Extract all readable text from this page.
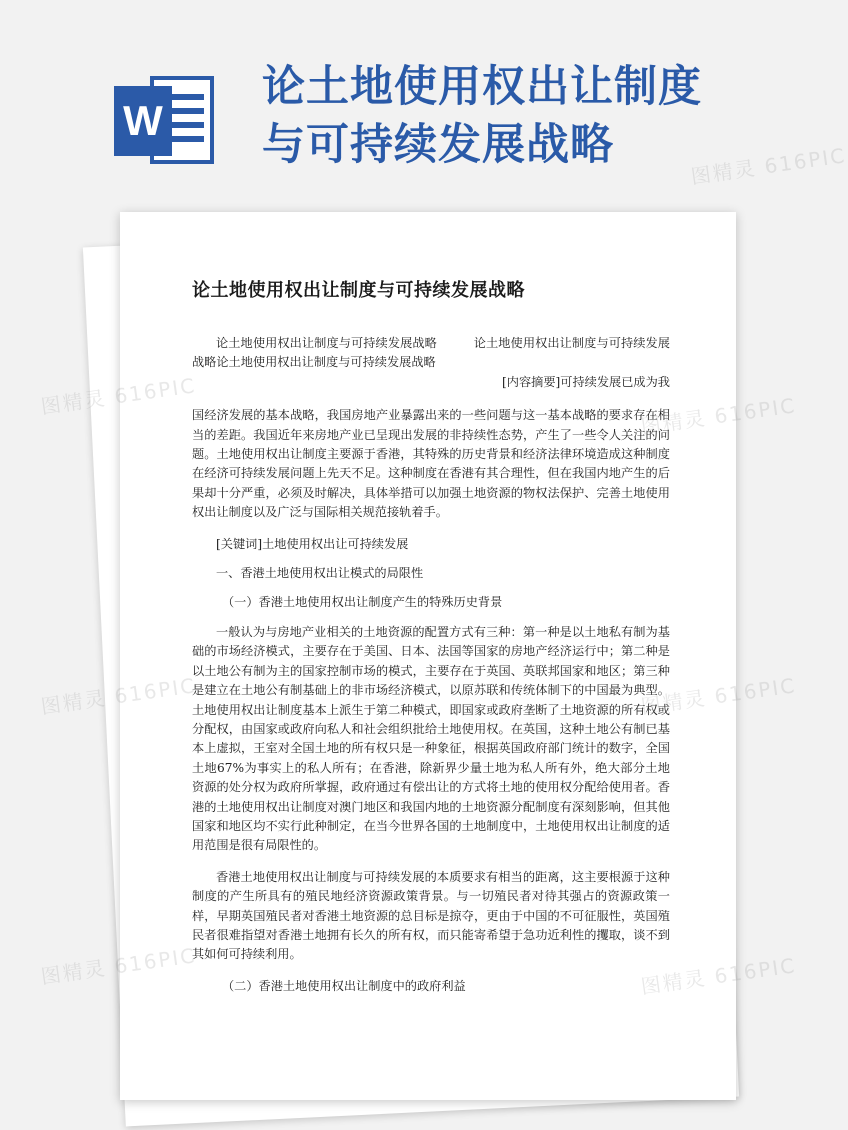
W
论土地使用权出让制度
与可持续发展战略
论土地使用权出让制度与可持续发展战略

论土地使用权出让制度与可持续发展战略　　　论土地使用权出让制度与可持续发展战略论土地使用权出让制度与可持续发展战略
[内容摘要]可持续发展已成为我

国经济发展的基本战略，我国房地产业暴露出来的一些问题与这一基本战略的要求存在相当的差距。我国近年来房地产业已呈现出发展的非持续性态势，产生了一些令人关注的问题。土地使用权出让制度主要源于香港，其特殊的历史背景和经济法律环境造成这种制度在经济可持续发展问题上先天不足。这种制度在香港有其合理性，但在我国内地产生的后果却十分严重，必须及时解决，具体举措可以加强土地资源的物权法保护、完善土地使用权出让制度以及广泛与国际相关规范接轨着手。

[关键词]土地使用权出让可持续发展

一、香港土地使用权出让模式的局限性

（一）香港土地使用权出让制度产生的特殊历史背景

一般认为与房地产业相关的土地资源的配置方式有三种：第一种是以土地私有制为基础的市场经济模式，主要存在于美国、日本、法国等国家的房地产经济运行中；第二种是以土地公有制为主的国家控制市场的模式，主要存在于英国、英联邦国家和地区；第三种是建立在土地公有制基础上的非市场经济模式，以原苏联和传统体制下的中国最为典型。土地使用权出让制度基本上派生于第二种模式，即国家或政府垄断了土地资源的所有权或分配权，由国家或政府向私人和社会组织批给土地使用权。在英国，这种土地公有制已基本上虚拟，王室对全国土地的所有权只是一种象征，根据英国政府部门统计的数字，全国土地67%为事实上的私人所有；在香港，除新界少量土地为私人所有外，绝大部分土地资源的处分权为政府所掌握，政府通过有偿出让的方式将土地的使用权分配给使用者。香港的土地使用权出让制度对澳门地区和我国内地的土地资源分配制度有深刻影响，但其他国家和地区均不实行此种制定，在当今世界各国的土地制度中，土地使用权出让制度的适用范围是很有局限性的。

香港土地使用权出让制度与可持续发展的本质要求有相当的距离，这主要根源于这种制度的产生所具有的殖民地经济资源政策背景。与一切殖民者对待其强占的资源政策一样，早期英国殖民者对香港土地资源的总目标是掠夺，更由于中国的不可征服性，英国殖民者很难指望对香港土地拥有长久的所有权，而只能寄希望于急功近利性的攫取，谈不到其如何可持续利用。

（二）香港土地使用权出让制度中的政府利益

图精灵 616PIC
图精灵 616PIC	图精灵 616PIC
图精灵 616PIC	图精灵 616PIC
图精灵 616PIC	图精灵 616PIC
